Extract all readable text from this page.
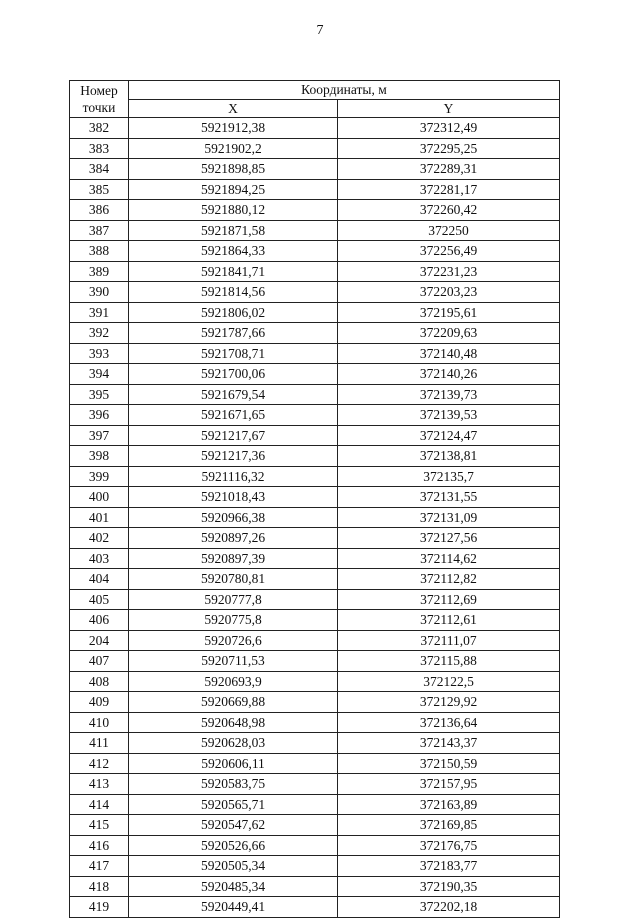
7
Номер
точки	Координаты, м	
	X	Y
382	5921912,38	372312,49
383	5921902,2	372295,25
384	5921898,85	372289,31
385	5921894,25	372281,17
386	5921880,12	372260,42
387	5921871,58	372250
388	5921864,33	372256,49
389	5921841,71	372231,23
390	5921814,56	372203,23
391	5921806,02	372195,61
392	5921787,66	372209,63
393	5921708,71	372140,48
394	5921700,06	372140,26
395	5921679,54	372139,73
396	5921671,65	372139,53
397	5921217,67	372124,47
398	5921217,36	372138,81
399	5921116,32	372135,7
400	5921018,43	372131,55
401	5920966,38	372131,09
402	5920897,26	372127,56
403	5920897,39	372114,62
404	5920780,81	372112,82
405	5920777,8	372112,69
406	5920775,8	372112,61
204	5920726,6	372111,07
407	5920711,53	372115,88
408	5920693,9	372122,5
409	5920669,88	372129,92
410	5920648,98	372136,64
411	5920628,03	372143,37
412	5920606,11	372150,59
413	5920583,75	372157,95
414	5920565,71	372163,89
415	5920547,62	372169,85
416	5920526,66	372176,75
417	5920505,34	372183,77
418	5920485,34	372190,35
419	5920449,41	372202,18
